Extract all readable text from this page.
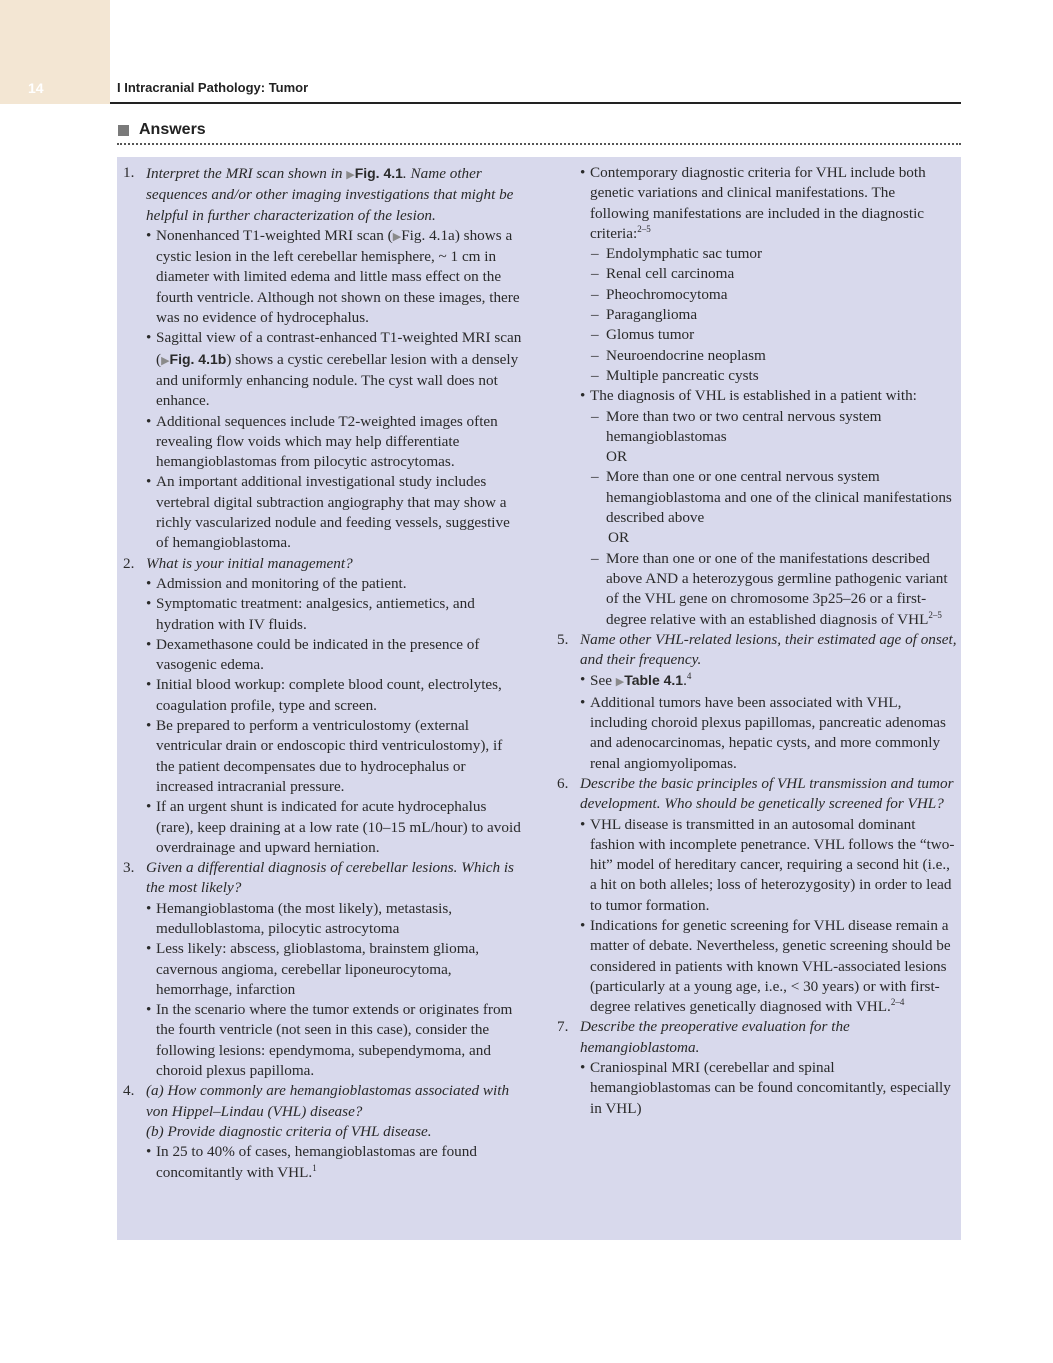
14	I Intracranial Pathology: Tumor
Answers
1. Interpret the MRI scan shown in ▶Fig. 4.1. Name other sequences and/or other imaging investigations that might be helpful in further characterization of the lesion.
• Nonenhanced T1-weighted MRI scan (▶Fig. 4.1a) shows a cystic lesion in the left cerebellar hemisphere, ~ 1 cm in diameter with limited edema and little mass effect on the fourth ventricle. Although not shown on these images, there was no evidence of hydrocephalus.
• Sagittal view of a contrast-enhanced T1-weighted MRI scan (▶Fig. 4.1b) shows a cystic cerebellar lesion with a densely and uniformly enhancing nodule. The cyst wall does not enhance.
• Additional sequences include T2-weighted images often revealing flow voids which may help differentiate hemangioblastomas from pilocytic astrocytomas.
• An important additional investigational study includes vertebral digital subtraction angiography that may show a richly vascularized nodule and feeding vessels, suggestive of hemangioblastoma.
2. What is your initial management?
• Admission and monitoring of the patient.
• Symptomatic treatment: analgesics, antiemetics, and hydration with IV fluids.
• Dexamethasone could be indicated in the presence of vasogenic edema.
• Initial blood workup: complete blood count, electrolytes, coagulation profile, type and screen.
• Be prepared to perform a ventriculostomy (external ventricular drain or endoscopic third ventriculostomy), if the patient decompensates due to hydrocephalus or increased intracranial pressure.
• If an urgent shunt is indicated for acute hydrocephalus (rare), keep draining at a low rate (10–15 mL/hour) to avoid overdrainage and upward herniation.
3. Given a differential diagnosis of cerebellar lesions. Which is the most likely?
• Hemangioblastoma (the most likely), metastasis, medulloblastoma, pilocytic astrocytoma
• Less likely: abscess, glioblastoma, brainstem glioma, cavernous angioma, cerebellar liponeurocytoma, hemorrhage, infarction
• In the scenario where the tumor extends or originates from the fourth ventricle (not seen in this case), consider the following lesions: ependymoma, subependymoma, and choroid plexus papilloma.
4. (a) How commonly are hemangioblastomas associated with von Hippel–Lindau (VHL) disease?
(b) Provide diagnostic criteria of VHL disease.
• In 25 to 40% of cases, hemangioblastomas are found concomitantly with VHL.$^1$
• Contemporary diagnostic criteria for VHL include both genetic variations and clinical manifestations. The following manifestations are included in the diagnostic criteria:$^{2-5}$
– Endolymphatic sac tumor
– Renal cell carcinoma
– Pheochromocytoma
– Paraganglioma
– Glomus tumor
– Neuroendocrine neoplasm
– Multiple pancreatic cysts
• The diagnosis of VHL is established in a patient with:
– More than two or two central nervous system hemangioblastomas
OR
– More than one or one central nervous system hemangioblastoma and one of the clinical manifestations described above
OR
– More than one or one of the manifestations described above AND a heterozygous germline pathogenic variant of the VHL gene on chromosome 3p25–26 or a first-degree relative with an established diagnosis of VHL$^{2-5}$
5. Name other VHL-related lesions, their estimated age of onset, and their frequency.
• See ▶Table 4.1.$^4$
• Additional tumors have been associated with VHL, including choroid plexus papillomas, pancreatic adenomas and adenocarcinomas, hepatic cysts, and more commonly renal angiomyolipomas.
6. Describe the basic principles of VHL transmission and tumor development. Who should be genetically screened for VHL?
• VHL disease is transmitted in an autosomal dominant fashion with incomplete penetrance. VHL follows the “two-hit” model of hereditary cancer, requiring a second hit (i.e., a hit on both alleles; loss of heterozygosity) in order to lead to tumor formation.
• Indications for genetic screening for VHL disease remain a matter of debate. Nevertheless, genetic screening should be considered in patients with known VHL-associated lesions (particularly at a young age, i.e., < 30 years) or with first-degree relatives genetically diagnosed with VHL.$^{2-4}$
7. Describe the preoperative evaluation for the hemangioblastoma.
• Craniospinal MRI (cerebellar and spinal hemangioblastomas can be found concomitantly, especially in VHL)
